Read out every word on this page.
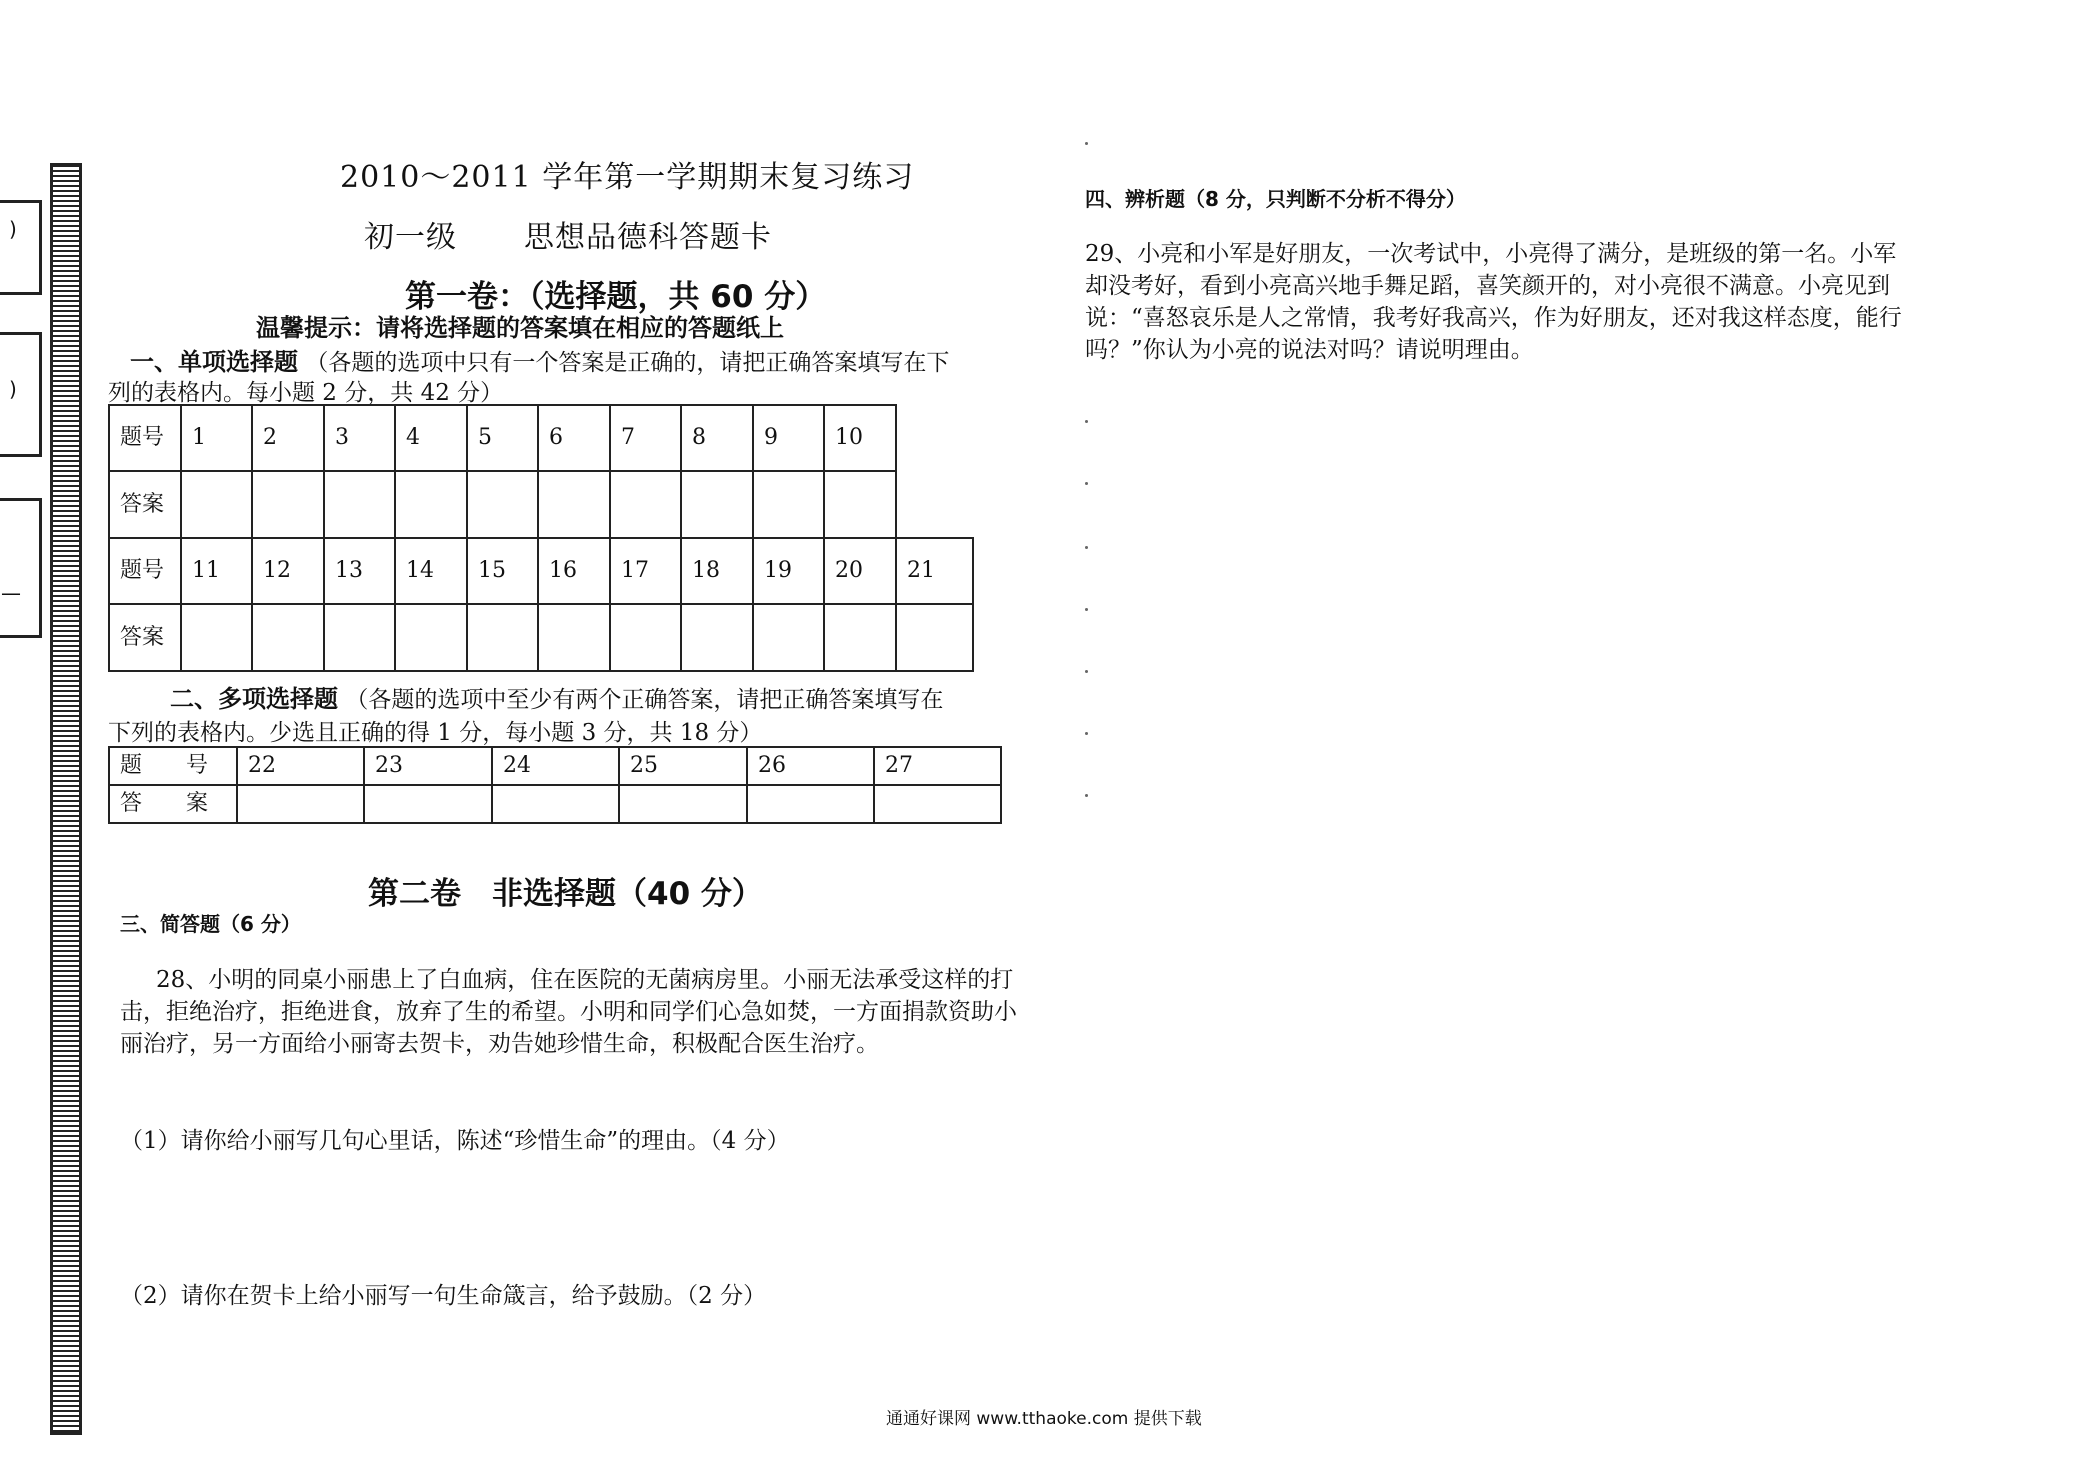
)
)
—
2010～2011 学年第一学期期末复习练习
初一级 思想品德科答题卡
第一卷：（选择题，共 60 分）
温馨提示：请将选择题的答案填在相应的答题纸上
一、单项选择题 （各题的选项中只有一个答案是正确的，请把正确答案填写在下
列的表格内。每小题 2 分，共 42 分）
题号	1	2	3	4	5	6	7	8	9	10	
答案											
题号	11	12	13	14	15	16	17	18	19	20	21
答案											
二、多项选择题 （各题的选项中至少有两个正确答案，请把正确答案填写在
下列的表格内。少选且正确的得 1 分，每小题 3 分，共 18 分）
题　　号	22	23	24	25	26	27
答　　案						
第二卷　非选择题（40 分）
三、简答题（6 分）
28、小明的同桌小丽患上了白血病，住在医院的无菌病房里。小丽无法承受这样的打击，拒绝治疗，拒绝进食，放弃了生的希望。小明和同学们心急如焚，一方面捐款资助小丽治疗，另一方面给小丽寄去贺卡，劝告她珍惜生命，积极配合医生治疗。
（1）请你给小丽写几句心里话，陈述“珍惜生命”的理由。（4 分）
（2）请你在贺卡上给小丽写一句生命箴言，给予鼓励。（2 分）
四、辨析题（8 分，只判断不分析不得分）
29、小亮和小军是好朋友，一次考试中，小亮得了满分，是班级的第一名。小军却没考好，看到小亮高兴地手舞足蹈，喜笑颜开的，对小亮很不满意。小亮见到说：“喜怒哀乐是人之常情，我考好我高兴，作为好朋友，还对我这样态度，能行吗？”你认为小亮的说法对吗？请说明理由。
通通好课网 www.tthaoke.com 提供下载
